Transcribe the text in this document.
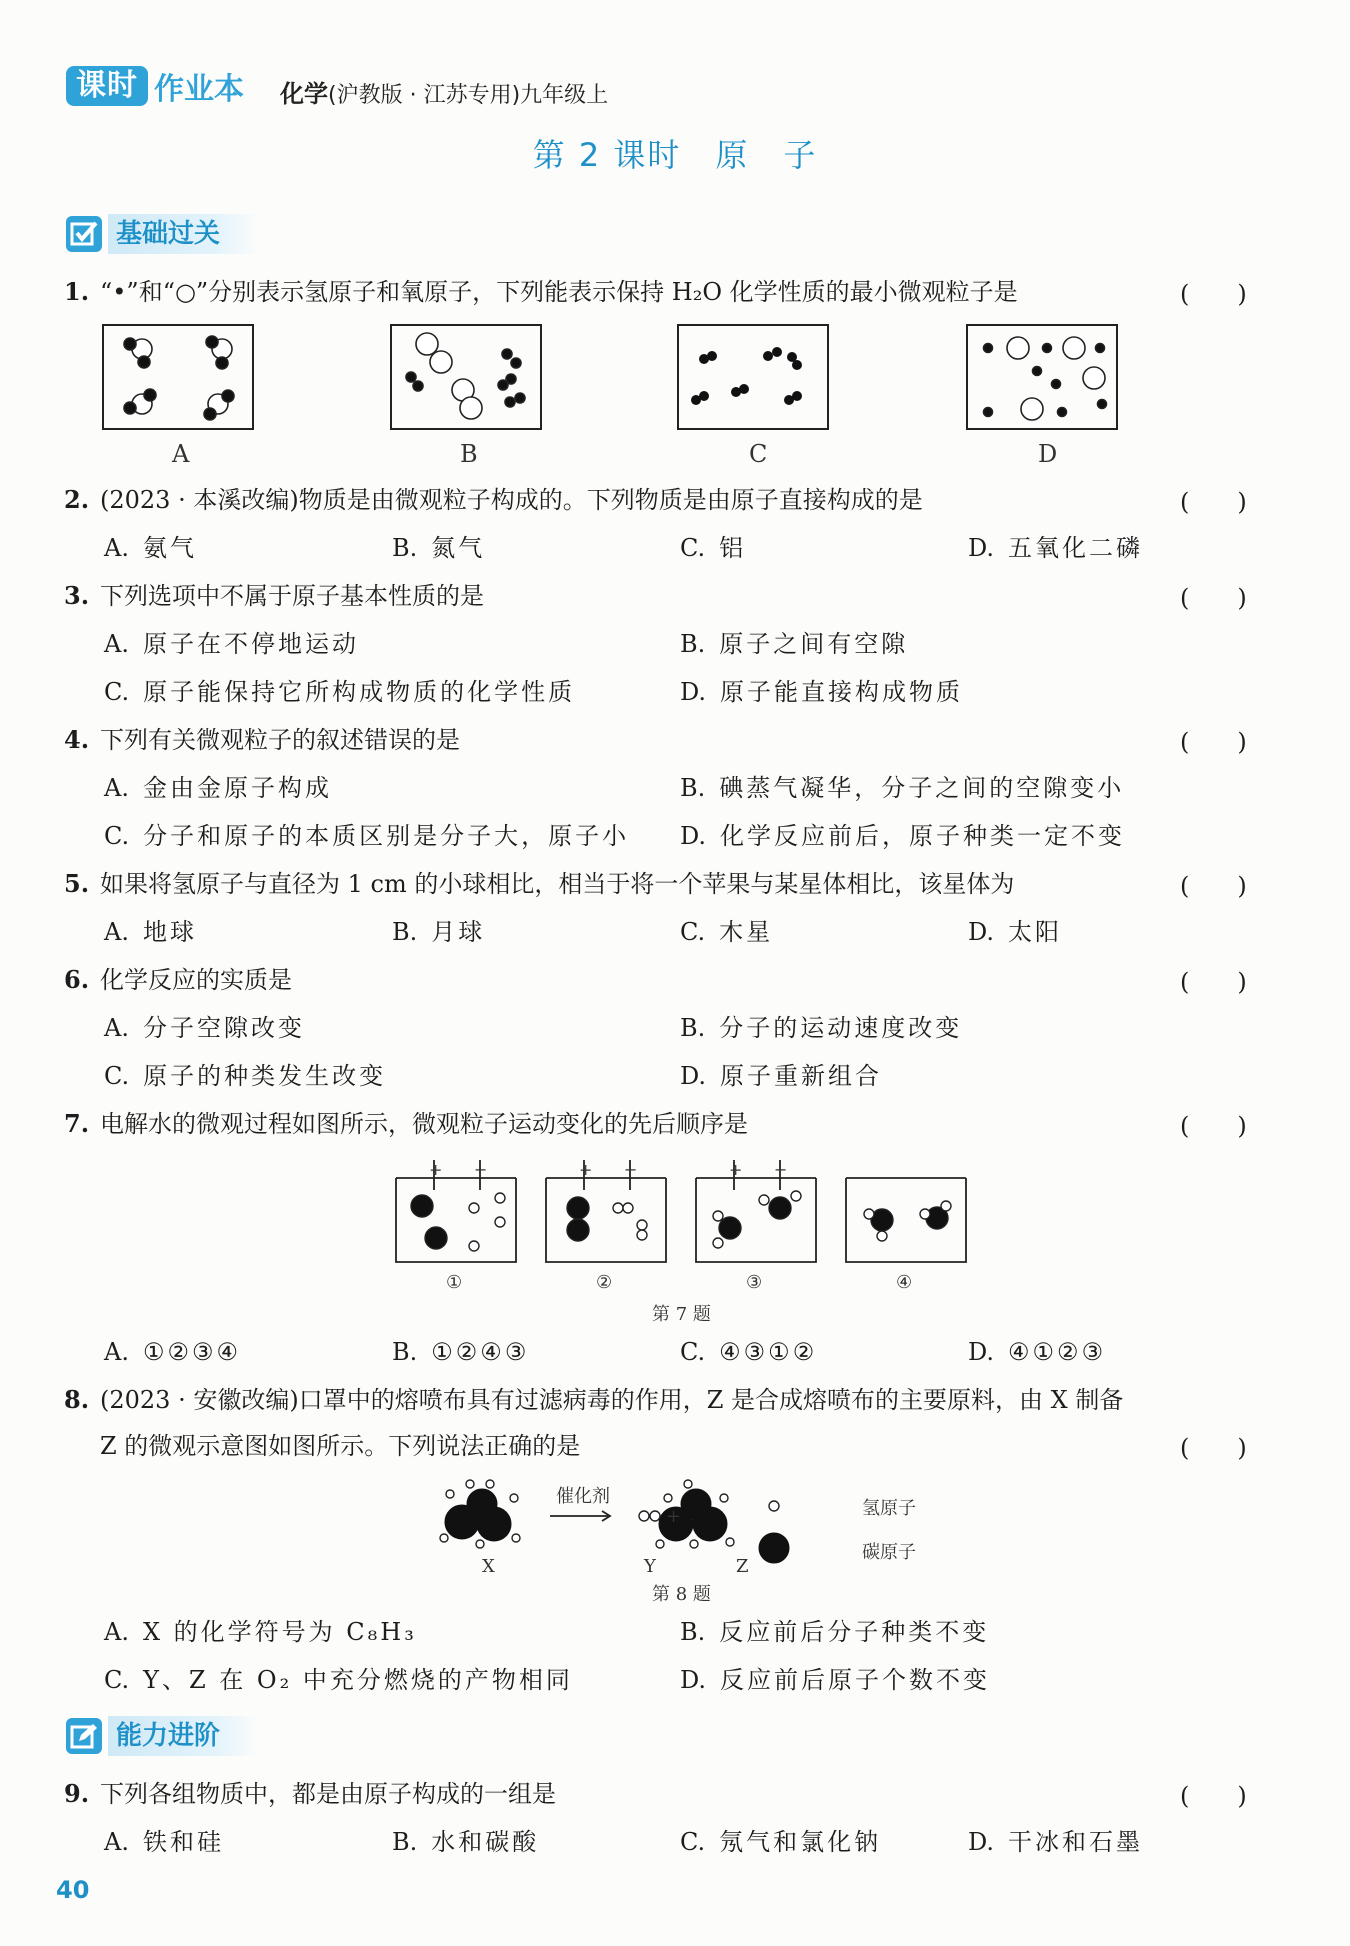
课时 作业本 化学(沪教版 · 江苏专用)九年级上
第 2 课时　原　子
基础过关
1. “•”和“○”分别表示氢原子和氧原子，下列能表示保持 H₂O 化学性质的最小微观粒子是	(　　)
A	B	C	D
2. (2023 · 本溪改编)物质是由微观粒子构成的。下列物质是由原子直接构成的是	(　　)
A. 氨气	B. 氮气	C. 铝	D. 五氧化二磷
3. 下列选项中不属于原子基本性质的是	(　　)
A. 原子在不停地运动	B. 原子之间有空隙
C. 原子能保持它所构成物质的化学性质	D. 原子能直接构成物质
4. 下列有关微观粒子的叙述错误的是	(　　)
A. 金由金原子构成	B. 碘蒸气凝华，分子之间的空隙变小
C. 分子和原子的本质区别是分子大，原子小 D. 化学反应前后，原子种类一定不变
5. 如果将氢原子与直径为 1 cm 的小球相比，相当于将一个苹果与某星体相比，该星体为	(　　)
A. 地球	B. 月球	C. 木星	D. 太阳
6. 化学反应的实质是	(　　)
A. 分子空隙改变	B. 分子的运动速度改变
C. 原子的种类发生改变	D. 原子重新组合
7. 电解水的微观过程如图所示，微观粒子运动变化的先后顺序是	(　　)
+ −	+ −	+ −
①	②	③	④
第 7 题
A. ①②③④	B. ①②④③	C. ④③①②	D. ④①②③
8. (2023 · 安徽改编)口罩中的熔喷布具有过滤病毒的作用，Z 是合成熔喷布的主要原料，由 X 制备
Z 的微观示意图如图所示。下列说法正确的是	(　　)
催化剂
+	氢原子
碳原子
X	Y	Z
第 8 题
A. X 的化学符号为 C₈H₃	B. 反应前后分子种类不变
C. Y、Z 在 O₂ 中充分燃烧的产物相同	D. 反应前后原子个数不变
能力进阶
9. 下列各组物质中，都是由原子构成的一组是	(　　)
A. 铁和硅	B. 水和碳酸	C. 氖气和氯化钠	D. 干冰和石墨
40
